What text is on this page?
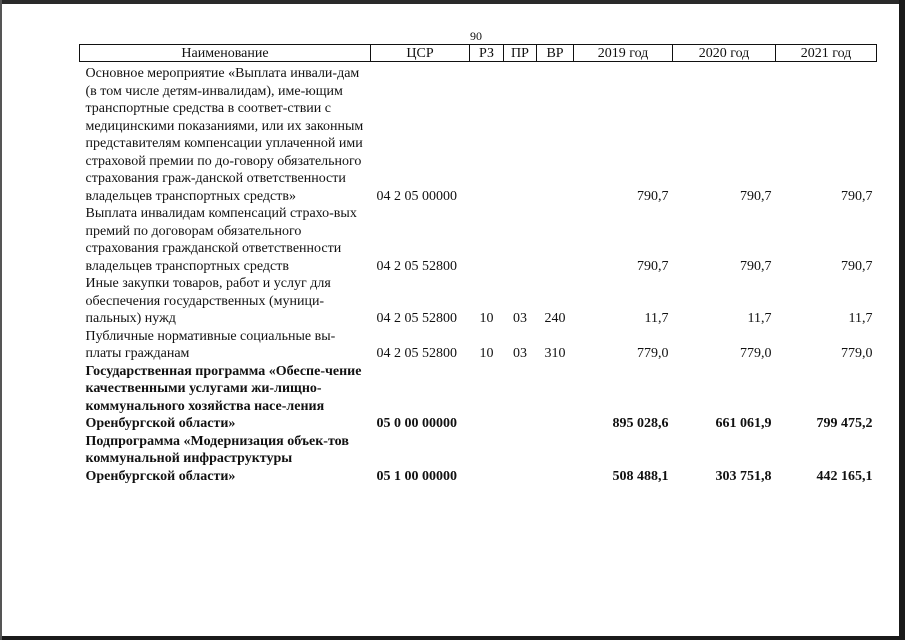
90
Наименование	ЦСР	РЗ	ПР	ВР	2019 год	2020 год	2021 год
Основное мероприятие «Выплата инвали-дам (в том числе детям-инвалидам), име-ющим транспортные средства в соответ-ствии с медицинскими показаниями, или их законным представителям компенсации уплаченной ими страховой премии по до-говору обязательного страхования граж-данской ответственности владельцев транспортных средств»	04 2 05 00000				790,7	790,7	790,7
Выплата инвалидам компенсаций страхо-вых премий по договорам обязательного страхования гражданской ответственности владельцев транспортных средств	04 2 05 52800				790,7	790,7	790,7
Иные закупки товаров, работ и услуг для обеспечения государственных (муници-пальных) нужд	04 2 05 52800	10	03	240	11,7	11,7	11,7
Публичные нормативные социальные вы-платы гражданам	04 2 05 52800	10	03	310	779,0	779,0	779,0
Государственная программа «Обеспе-чение качественными услугами жи-лищно-коммунального хозяйства насе-ления Оренбургской области»	05 0 00 00000				895 028,6	661 061,9	799 475,2
Подпрограмма «Модернизация объек-тов коммунальной инфраструктуры Оренбургской области»	05 1 00 00000				508 488,1	303 751,8	442 165,1
